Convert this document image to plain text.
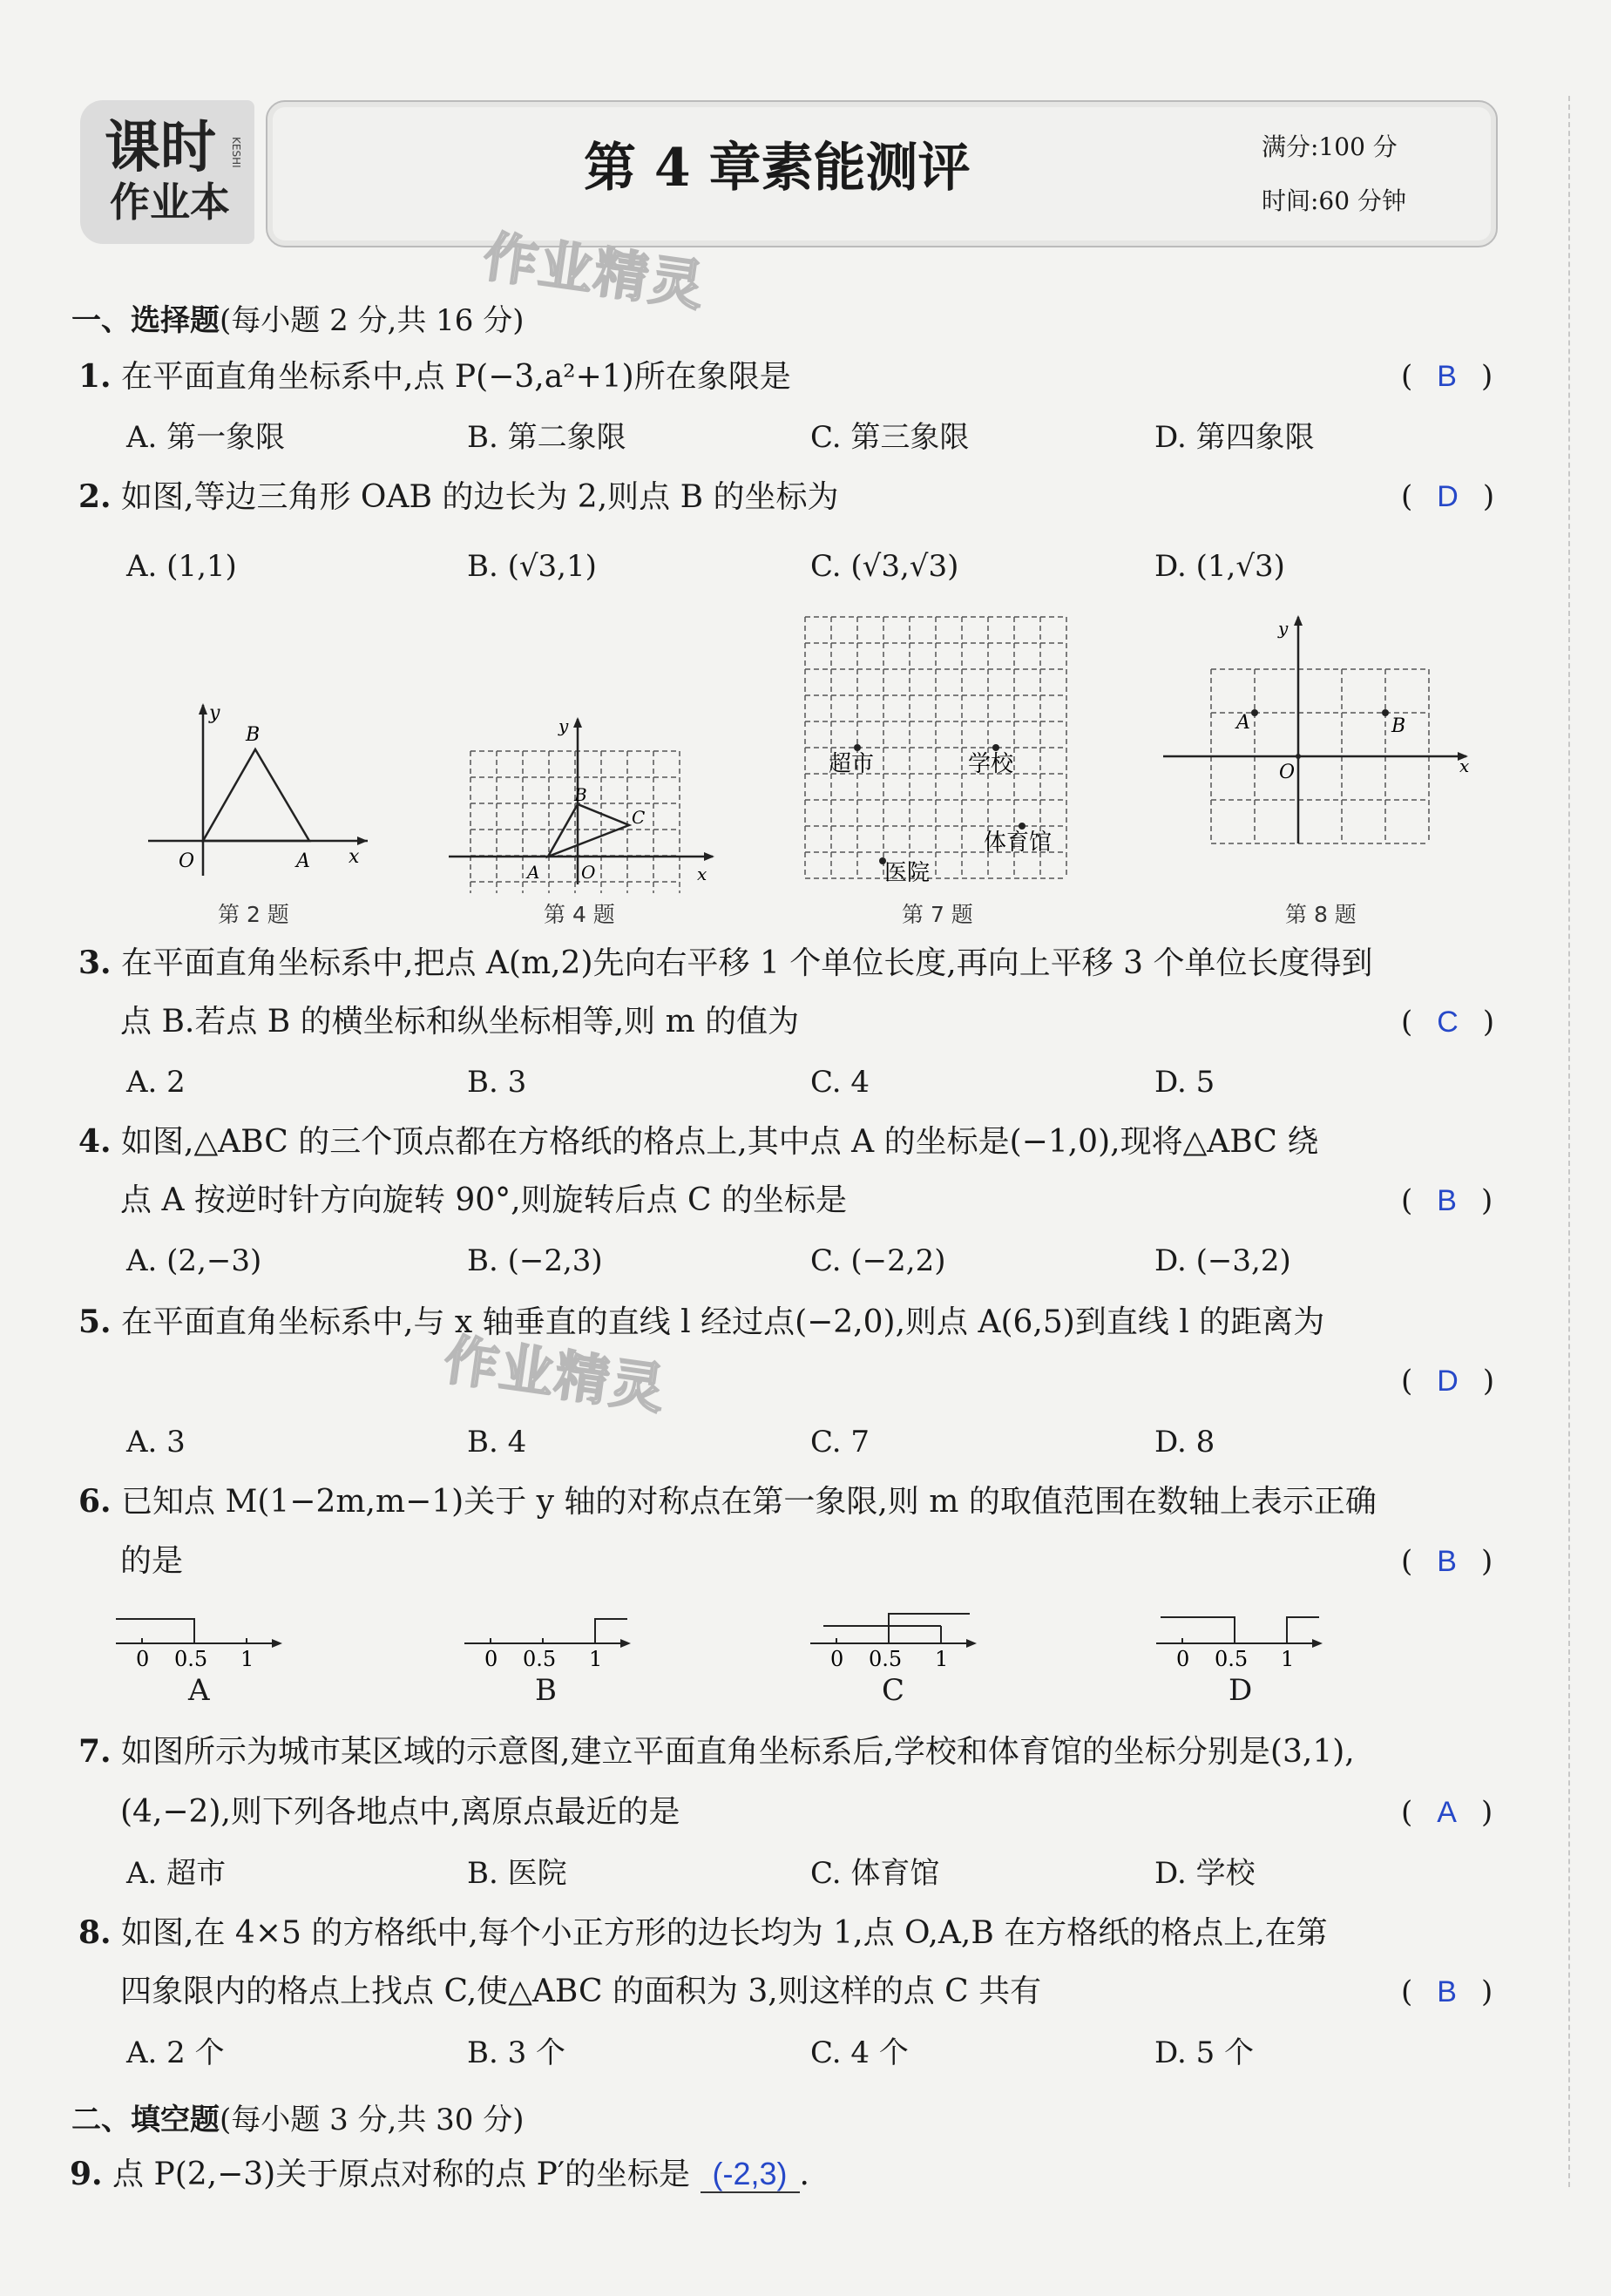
课时
作业本
KESHI	第 4 章素能测评	满分:100 分
时间:60 分钟
作业精灵
作业精灵
一、选择题(每小题 2 分,共 16 分)
1. 在平面直角坐标系中,点 P(−3,a²+1)所在象限是	( B )
A. 第一象限	B. 第二象限	C. 第三象限	D. 第四象限
2. 如图,等边三角形 OAB 的边长为 2,则点 B 的坐标为	( D )
A. (1,1)	B. (√3,1)	C. (√3,√3)	D. (1,√3)
y
x
O	A
B
第 2 题
y
x
O
A
B
C
第 4 题
超市	学校
体育馆
医院
第 7 题
y
x
O
A	B
第 8 题
3. 在平面直角坐标系中,把点 A(m,2)先向右平移 1 个单位长度,再向上平移 3 个单位长度得到
点 B.若点 B 的横坐标和纵坐标相等,则 m 的值为	( C )
A. 2	B. 3	C. 4	D. 5
4. 如图,△ABC 的三个顶点都在方格纸的格点上,其中点 A 的坐标是(−1,0),现将△ABC 绕
点 A 按逆时针方向旋转 90°,则旋转后点 C 的坐标是	( B )
A. (2,−3)	B. (−2,3)	C. (−2,2)	D. (−3,2)
5. 在平面直角坐标系中,与 x 轴垂直的直线 l 经过点(−2,0),则点 A(6,5)到直线 l 的距离为
( D )
A. 3	B. 4	C. 7	D. 8
6. 已知点 M(1−2m,m−1)关于 y 轴的对称点在第一象限,则 m 的取值范围在数轴上表示正确
的是	( B )
0 0.5 1
A
0 0.5 1
B
0 0.5 1
C
0 0.5 1
D
7. 如图所示为城市某区域的示意图,建立平面直角坐标系后,学校和体育馆的坐标分别是(3,1),
(4,−2),则下列各地点中,离原点最近的是	( A )
A. 超市	B. 医院	C. 体育馆	D. 学校
8. 如图,在 4×5 的方格纸中,每个小正方形的边长均为 1,点 O,A,B 在方格纸的格点上,在第
四象限内的格点上找点 C,使△ABC 的面积为 3,则这样的点 C 共有	( B )
A. 2 个	B. 3 个	C. 4 个	D. 5 个
二、填空题(每小题 3 分,共 30 分)
9. 点 P(2,−3)关于原点对称的点 P′的坐标是 (-2,3) .
